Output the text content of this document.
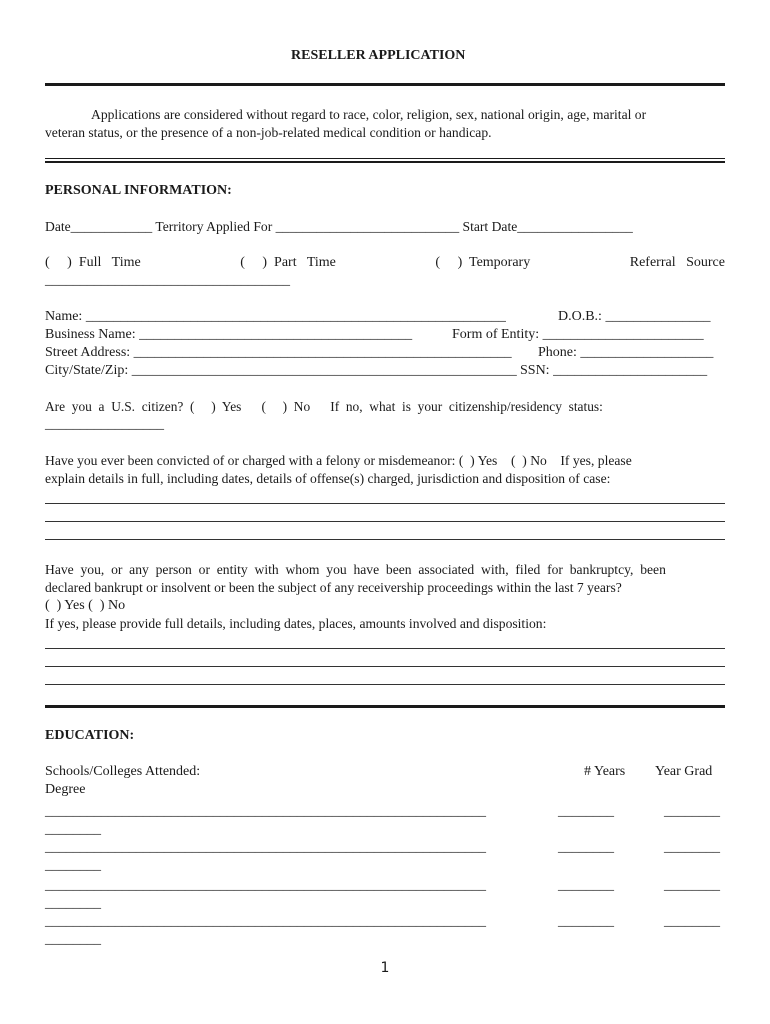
RESELLER APPLICATION
Applications are considered without regard to race, color, religion, sex, national origin, age, marital or
veteran status, or the presence of a non-job-related medical condition or handicap.
PERSONAL INFORMATION:
Date____________ Territory Applied For ___________________________ Start Date_________________
(     )  Full   Time	(     )  Part   Time	(     )  Temporary	Referral   Source
___________________________________
Name: ____________________________________________________________	D.O.B.: _______________
Business Name: _______________________________________	Form of Entity: _______________________
Street Address: ______________________________________________________ Phone: ___________________
City/State/Zip: _______________________________________________________ SSN: ______________________
Are  you  a  U.S.  citizen?  (     )  Yes      (     )  No      If  no,  what  is  your  citizenship/residency  status:
_________________
Have you ever been convicted of or charged with a felony or misdemeanor: (  ) Yes    (  ) No    If yes, please
explain details in full, including dates, details of offense(s) charged, jurisdiction and disposition of case:
Have  you,  or  any  person  or  entity  with  whom  you  have  been  associated  with,  filed  for  bankruptcy,  been
declared bankrupt or insolvent or been the subject of any receivership proceedings within the last 7 years?
(  ) Yes (  ) No
If yes, please provide full details, including dates, places, amounts involved and disposition:
EDUCATION:
Schools/Colleges Attended:	# Years Year Grad
Degree
_______________________________________________________________	________	________
________
_______________________________________________________________	________	________
________
_______________________________________________________________	________	________
________
_______________________________________________________________	________	________
________
1
